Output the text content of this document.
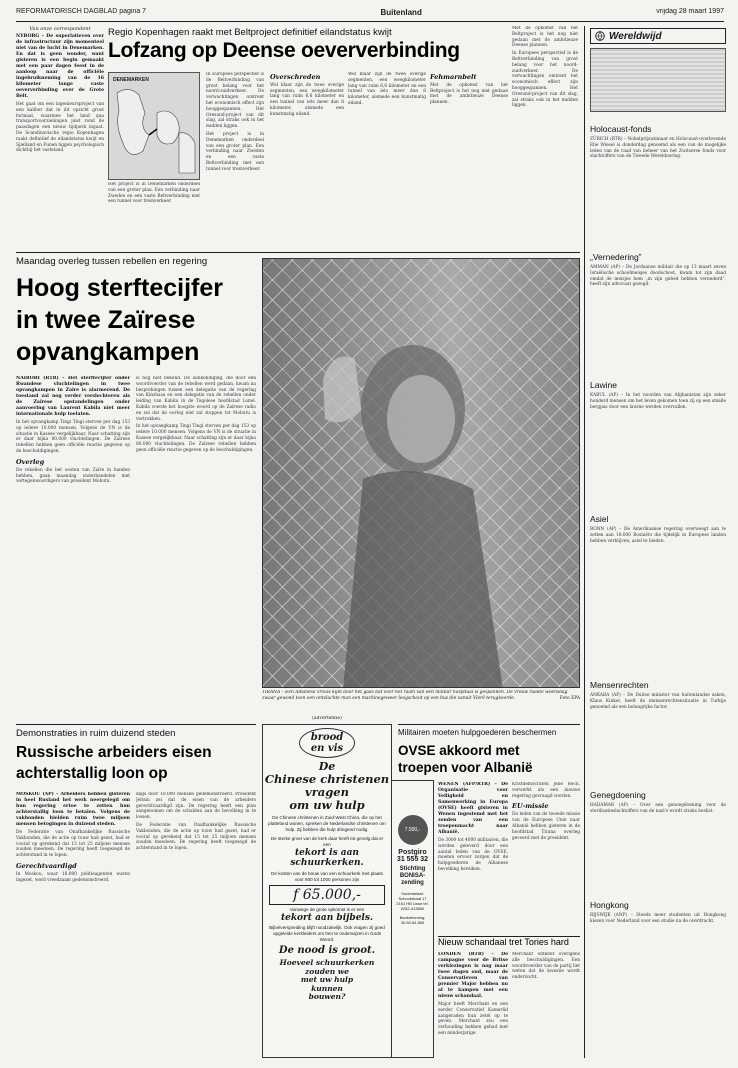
REFORMATORISCH DAGBLAD pagina 7	Buitenland	vrijdag 28 maart 1997
Van onze correspondent
NYBORG – De superlatieven over de infrastructuur zijn momenteel niet van de lucht in Denemarken. En dat is geen wonder, want gisteren is een begin gemaakt met een paar dagen feest in de aanloop naar de officiële ingebruikneming van de 16 kilometer lange vaste oeververbinding over de Grote Belt.
Het gaat om een ingenieursproject van een kaliber dat in dit opzicht groot formaat, waarmee het land qua transportvoorzieningen juist rond de paasdagen een nieuw tijdperk ingaat. De Scandinavische regio Kopenhagen raakt definitief de eilandstatus kwijt en Sjælland en Funen liggen psychologisch dichtbij het vasteland.
Regio Kopenhagen raakt met Beltproject definitief eilandstatus kwijt
Lofzang op Deense oeververbinding
DENEMARKEN

In Europees perspectief is de Beltverbinding van groot belang voor het noord-zuidverkeer. De verwachtingen omtrent het economisch effect zijn hooggespannen. Het Oresund-project van dit slag, zal straks ook in het midden liggen.

Het project is in Denemarken onderdeel van een groter plan. Een verbinding naar Zweden en een vaste Beltverbinding met een tunnel voor treinverkeer.

Het project is in Denemarken onderdeel van een groter plan. Een verbinding naar Zweden en een vaste Beltverbinding met een tunnel voor treinverkeer.

Overschreden

Wel klaar zijn de twee overige segmenten, een weegkilometer lang van ruim 6,6 kilometer en een tunnel van iets meer dan 8 kilometer, alsmede een kunstmatig eiland.

Wel klaar zijn de twee overige segmenten, een weegkilometer lang van ruim 6,6 kilometer en een tunnel van iets meer dan 8 kilometer, alsmede een kunstmatig eiland.

Fehmarnbelt

Met de opkomst van het Beltproject is het nog niet gedaan met de ambitieuze Deense plannen.

Met de opkomst van het Beltproject is het nog niet gedaan met de ambitieuze Deense plannen.

In Europees perspectief is de Beltverbinding van groot belang voor het noord-zuidverkeer. De verwachtingen omtrent het economisch effect zijn hooggespannen. Het Oresund-project van dit slag, zal straks ook in het midden liggen.

Wereldwijd
Holocaust-fonds
ZÜRICH (RTR) – Nobelprijswinnaar en Holocaust-overlevende Elie Wiesel is donderdag genoemd als een van de mogelijke leden van de raad van beheer van het Zwitserse fonds voor slachtoffers van de Tweede Wereldoorlog.
„Vernedering”
AMMAN (AP) – De Jordaanse militair die op 13 maart zeven Israëlische schoolmeisjes doodschoot, kwam tot zijn daad omdat de meisjes hem „in zijn gebed hebben vernederd”, heeft zijn advocaat gezegd.
Lawine
KABUL (AP) – In het noorden van Afghanistan zijn zeker honderd mensen om het leven gekomen toen zij op een smalle bergpas door een lawine werden overvallen.
Asiel
BONN (AP) – De Amerikaanse regering overweegt aan te zetten aan 18.000 Bosniërs die tijdelijk in Europese landen hebben verblijven, asiel te bieden.
Mensenrechten
ANKARA (AP) – De Duitse minister van buitenlandse zaken, Klaus Kinkel, heeft de mensenrechtensituatie in Turkije genoemd als een belangrijke factor.
Genegdoening
HADAMAR (AP) – Over een genoegdoening voor de sterilisatieslachtoffers van de nazi's wordt straks beslist.
Hongkong
RIJSWIJK (ANP) – Steeds meer studenten uit Hongkong kiezen voor Nederland voor een studie na de overdracht.
Maandag overleg tussen rebellen en regering
Hoog sterftecijfer
in twee Zaïrese
opvangkampen
NAIROBI (RTR) – Het sterftecijfer onder Rwandese vluchtelingen in twee opvangkampen in Zaïre is alarmerend. De toestand zal nog verder verslechteren als de Zaïrese opstandelingen onder aanvoering van Laurent Kabila niet meer internationale hulp toelaten.
In het opvangkamp Tingi Tingi sterven per dag 153 op iedere 10.000 mensen. Volgens de VN is de situatie in Kasese vergelijkbaar. Naar schatting zijn er daar bijna 80.000 vluchtelingen. De Zaïrese rebellen hebben geen officiële reactie gegeven op de beschuldigingen.
Overleg
De rebellen die het oosten van Zaïre in handen hebben, gaan maandag onderhandelen met vertegenwoordigers van president Mobutu.

is nog niet bekend. De aankondiging, die door een woordvoerder van de rebellen werd gedaan, kwam na besprekingen tussen een delegatie van de regering van Kinshasa en een delegatie van de rebellen onder leiding van Kabila in de Togolese hoofdstad Lomé. Kabila voerde het hoogste woord op de Zaïrese radio en zei dat de oorlog niet zal stoppen tot Mobutu is vertrokken.

In het opvangkamp Tingi Tingi sterven per dag 153 op iedere 10.000 mensen. Volgens de VN is de situatie in Kasese vergelijkbaar. Naar schatting zijn er daar bijna 80.000 vluchtelingen. De Zaïrese rebellen hebben geen officiële reactie gegeven op de beschuldigingen.

TIRANA – Een Albanese vrouw kijkt door het gaas dat voor het raam van een militair hospitaal is gespannen. De vrouw raakte woensdag zwaar gewond toen een ontvluchte man een machinegeweer leegschoot op een bus die vanuit Vlorë terugkeerde.	Foto EPA
Demonstraties in ruim duizend steden
Russische arbeiders eisen
achterstallig loon op
MOSKOU (AP) – Arbeiders hebben gisteren in heel Rusland het werk neergelegd om hun regering ertoe te zetten hun achterstallig loon te betalen. Volgens de vakbonden hielden ruim twee miljoen mensen betogingen in duizend steden.
De Federatie van Onafhankelijke Russische Vakbonden, die de actie op touw had gezet, had er vooraf op gerekend dat 15 tot 25 miljoen mensen zouden meedoen. De regering heeft toegezegd de achterstand in te lopen.
Gerechtvaardigd
In Moskou, waar 16.000 politieagenten waren ingezet, werd vreedzaam gedemonstreerd.

dags door 10.000 mensen gedemonstreerd. President Jeltsin zei dat de eisen van de arbeiders gerechtvaardigd zijn. De regering heeft een plan aangenomen om de schulden aan de bevolking in te lossen.

De Federatie van Onafhankelijke Russische Vakbonden, die de actie op touw had gezet, had er vooraf op gerekend dat 15 tot 25 miljoen mensen zouden meedoen. De regering heeft toegezegd de achterstand in te lopen.

(advertentie)
brood
en vis
De
Chinese christenen
vragen
om uw hulp
De Chinese christenen in Zuid-West China, die op het platteland wonen, spreken de Nederlandse christenen om hulp. Zij hebben die hulp dringend nodig.
De sterke groei van de kerk daar heeft tot gevolg dat er een
tekort is aan schuurkerken.
De kosten van de bouw van een schuurkerk met plaats voor 800 tot 1000 personen zijn
f 65.000,-
Vanwege de grote opkomst is er een
tekort aan bijbels.
Bijbelverspreiding blijft noodzakelijk. Ook vragen zij goed opgeleide kerkleiders om hen te onderwijzen in Gods Woord.
De nood is groot.
Hoeveel schuurkerken
zouden we
met uw hulp
kunnen
bouwen?
7.500,-
Postgiro
31 555 32
Stichting BONISA-zending
Secretariaat: Schoutstraat 17 2161 HB Lisse tel. 0252-413850
Bankrekening: 30.80.64.869
Militairen moeten hulpgoederen beschermen
OVSE akkoord met
troepen voor Albanië
WENEN (AFP/RTR) – De Organisatie voor Veiligheid en Samenwerking in Europa (OVSE) heeft gisteren in Wenen ingestemd met het zenden van een troepenmacht naar Albanië.
De 3000 tot 4000 militairen, die worden geleverd door een aantal leden van de OVSE, moeten ervoor zorgen dat de hulpgoederen de Albanese bevolking bereiken.
Kristdemocraten Jebe Rech, verwerkt als een nieuwe regering gevraagd worden.
EU-missie
De leden van de tweede missie van de Europese Unie naar Albanië hebben gisteren in de hoofdstad Tirana overleg gevoerd met de president.
Nieuw schandaal tret Tories hard
LONDEN (RTR) – De campagne voor de Britse verkiezingen is nog maar twee dagen oud, maar de Conservatieven van premier Major hebben nu al te kampen met een nieuw schandaal.
Major heeft Merchant en een eerder Conservatief Kamerlid aangeraden hun zetel op te geven. Merchant zou een verhouding hebben gehad met een minderjarige.

Merchant ontkent overigens alle beschuldigingen. Een woordvoerder van de partij liet weten dat de kwestie wordt onderzocht.
